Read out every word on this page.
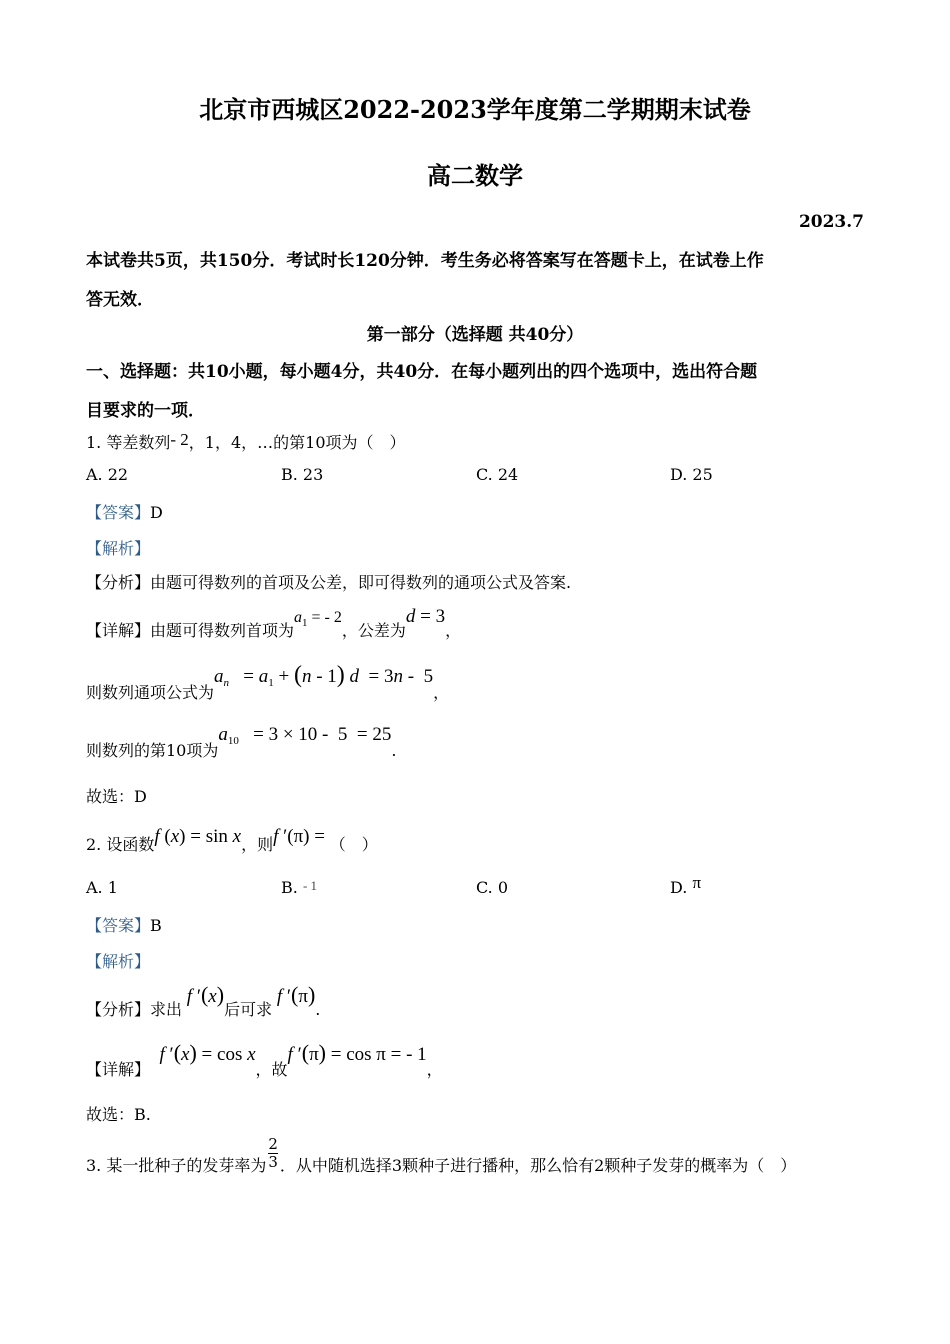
北京市西城区2022-2023学年度第二学期期末试卷
高二数学
2023.7
本试卷共5页，共150分．考试时长120分钟．考生务必将答案写在答题卡上，在试卷上作
答无效．
第一部分（选择题 共40分）
一、选择题：共10小题，每小题4分，共40分．在每小题列出的四个选项中，选出符合题
目要求的一项．
1. 等差数列- 2，1，4，…的第10项为（　）
A. 22	B. 23	C. 24	D. 25
【答案】D
【解析】
【分析】由题可得数列的首项及公差，即可得数列的通项公式及答案.
【详解】由题可得数列首项为$a_1$ = - 2，公差为d = 3，
则数列通项公式为$a_n = a_1 + (n - 1) d = 3n - 5$，
则数列的第10项为$a_{10} = 3 \times 10 - 5 = 25$.
故选：D
2. 设函数f (x) = sin x，则f ′(π) = （　）
A. 1	B. - 1	C. 0	D. π
【答案】B
【解析】
【分析】求出 f ′(x)后可求 f ′(π).
【详解】  f ′(x) = cos x，故f ′(π) = cos π = - 1，
故选：B.
3. 某一批种子的发芽率为 $\frac{2}{3}$ ．从中随机选择3颗种子进行播种，那么恰有2颗种子发芽的概率为（　）
